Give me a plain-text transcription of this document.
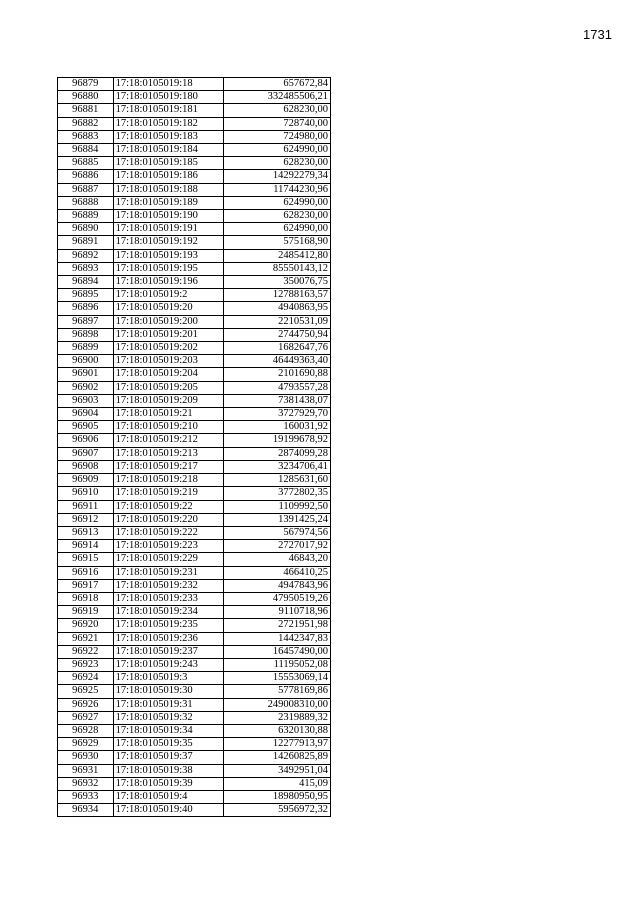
1731
96879	17:18:0105019:18	657672,84
96880	17:18:0105019:180	332485506,21
96881	17:18:0105019:181	628230,00
96882	17:18:0105019:182	728740,00
96883	17:18:0105019:183	724980,00
96884	17:18:0105019:184	624990,00
96885	17:18:0105019:185	628230,00
96886	17:18:0105019:186	14292279,34
96887	17:18:0105019:188	11744230,96
96888	17:18:0105019:189	624990,00
96889	17:18:0105019:190	628230,00
96890	17:18:0105019:191	624990,00
96891	17:18:0105019:192	575168,90
96892	17:18:0105019:193	2485412,80
96893	17:18:0105019:195	85550143,12
96894	17:18:0105019:196	350076,75
96895	17:18:0105019:2	12788163,57
96896	17:18:0105019:20	4940863,95
96897	17:18:0105019:200	2210531,09
96898	17:18:0105019:201	2744750,94
96899	17:18:0105019:202	1682647,76
96900	17:18:0105019:203	46449363,40
96901	17:18:0105019:204	2101690,88
96902	17:18:0105019:205	4793557,28
96903	17:18:0105019:209	7381438,07
96904	17:18:0105019:21	3727929,70
96905	17:18:0105019:210	160031,92
96906	17:18:0105019:212	19199678,92
96907	17:18:0105019:213	2874099,28
96908	17:18:0105019:217	3234706,41
96909	17:18:0105019:218	1285631,60
96910	17:18:0105019:219	3772802,35
96911	17:18:0105019:22	1109992,50
96912	17:18:0105019:220	1391425,24
96913	17:18:0105019:222	567974,56
96914	17:18:0105019:223	2727017,92
96915	17:18:0105019:229	46843,20
96916	17:18:0105019:231	466410,25
96917	17:18:0105019:232	4947843,96
96918	17:18:0105019:233	47950519,26
96919	17:18:0105019:234	9110718,96
96920	17:18:0105019:235	2721951,98
96921	17:18:0105019:236	1442347,83
96922	17:18:0105019:237	16457490,00
96923	17:18:0105019:243	11195052,08
96924	17:18:0105019:3	15553069,14
96925	17:18:0105019:30	5778169,86
96926	17:18:0105019:31	249008310,00
96927	17:18:0105019:32	2319889,32
96928	17:18:0105019:34	6320130,88
96929	17:18:0105019:35	12277913,97
96930	17:18:0105019:37	14260825,89
96931	17:18:0105019:38	3492951,04
96932	17:18:0105019:39	415,09
96933	17:18:0105019:4	18980950,95
96934	17:18:0105019:40	5956972,32
